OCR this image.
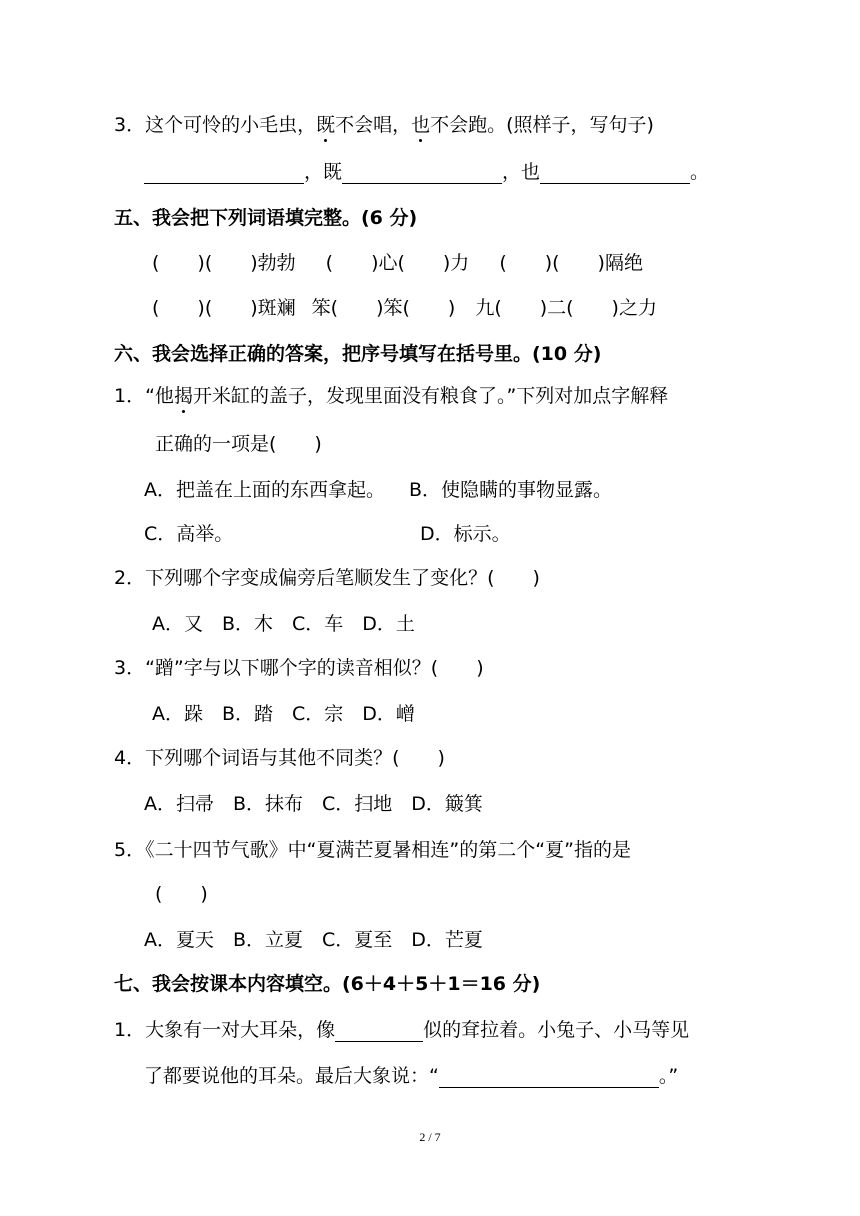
3．这个可怜的小毛虫，既不会唱，也不会跑。(照样子，写句子)
，既	，也	。
五、我会把下列词语填完整。(6 分)
(　　)(　　)勃勃 (　　)心(　　)力 (　　)(　　)隔绝
(　　)(　　)斑斓 笨(　　)笨(　　) 九(　　)二(　　)之力
六、我会选择正确的答案，把序号填写在括号里。(10 分)
1．“他揭开米缸的盖子，发现里面没有粮食了。”下列对加点字解释
正确的一项是(　　)
A．把盖在上面的东西拿起。 B．使隐瞒的事物显露。
C．高举。	D．标示。
2．下列哪个字变成偏旁后笔顺发生了变化？(　　)
A．又　B．木　C．车　D．土
3．“蹭”字与以下哪个字的读音相似？(　　)
A．跺　B．踏　C．宗　D．嶒
4．下列哪个词语与其他不同类？(　　)
A．扫帚　B．抹布　C．扫地　D．簸箕
5．《二十四节气歌》中“夏满芒夏暑相连”的第二个“夏”指的是
(　　)
A．夏天　B．立夏　C．夏至　D．芒夏
七、我会按课本内容填空。(6＋4＋5＋1＝16 分)
1．大象有一对大耳朵，像	似的耷拉着。小兔子、小马等见
了都要说他的耳朵。最后大象说：“	。”
2 / 7
